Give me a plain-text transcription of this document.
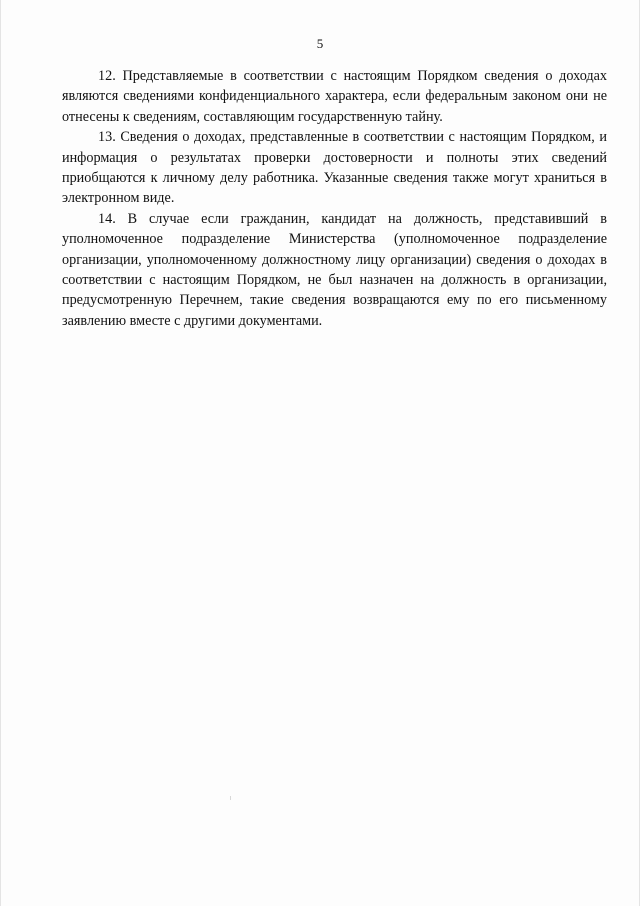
5

12. Представляемые в соответствии с настоящим Порядком сведения о доходах являются сведениями конфиденциального характера, если федеральным законом они не отнесены к сведениям, составляющим государственную тайну.

13. Сведения о доходах, представленные в соответствии с настоящим Порядком, и информация о результатах проверки достоверности и полноты этих сведений приобщаются к личному делу работника. Указанные сведения также могут храниться в электронном виде.

14. В случае если гражданин, кандидат на должность, представивший в уполномоченное подразделение Министерства (уполномоченное подразделение организации, уполномоченному должностному лицу организации) сведения о доходах в соответствии с настоящим Порядком, не был назначен на должность в организации, предусмотренную Перечнем, такие сведения возвращаются ему по его письменному заявлению вместе с другими документами.
